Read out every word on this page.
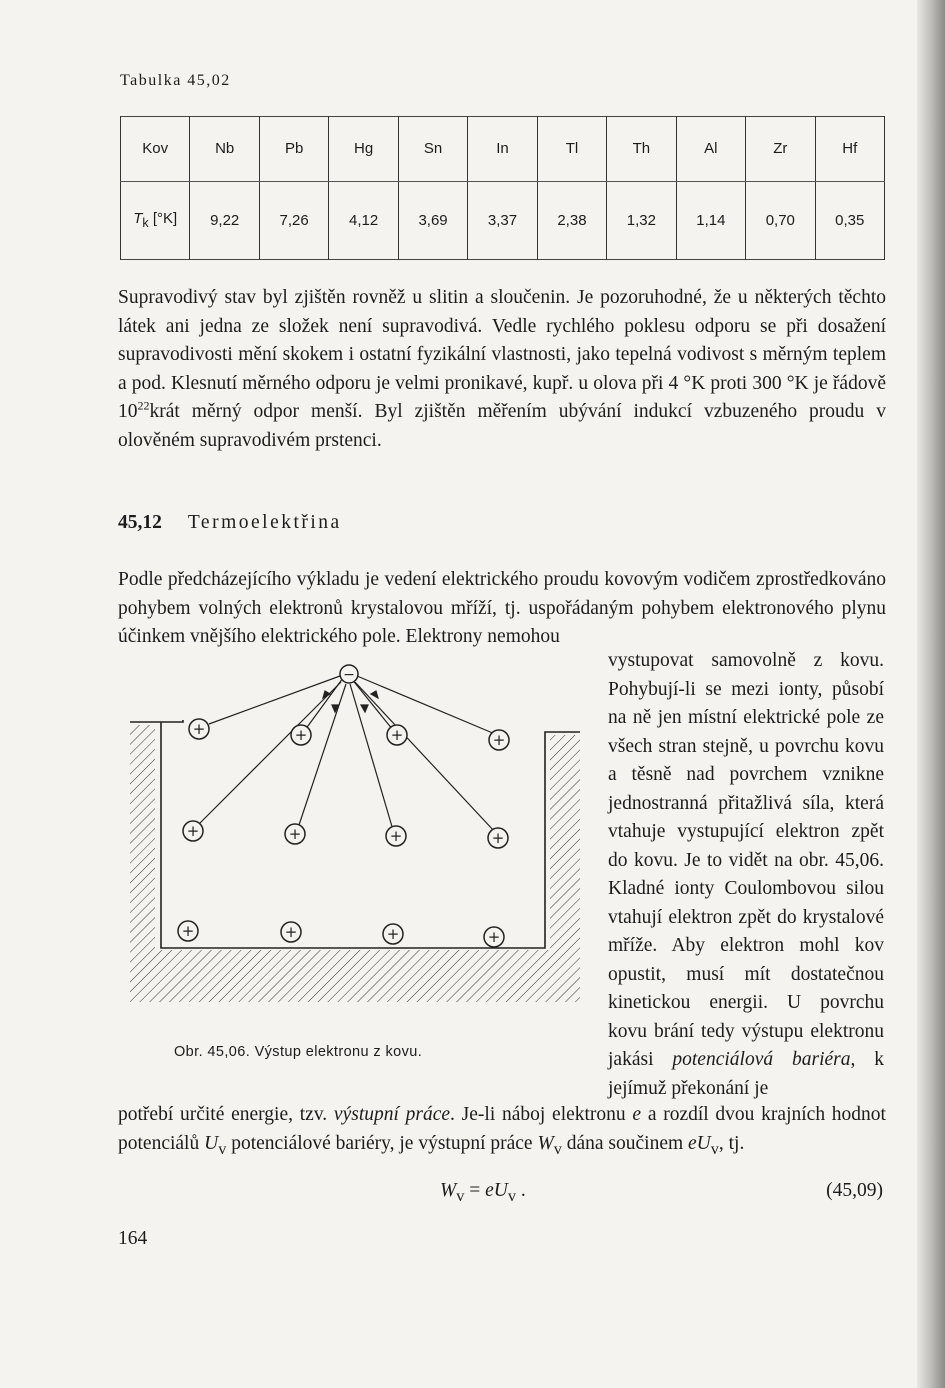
Tabulka 45,02
Kov	Nb	Pb	Hg	Sn	In	Tl	Th	Al	Zr	Hf
$T_k$ [°K]	9,22	7,26	4,12	3,69	3,37	2,38	1,32	1,14	0,70	0,35
Supravodivý stav byl zjištěn rovněž u slitin a sloučenin. Je pozoruhodné, že u některých těchto látek ani jedna ze složek není supravodivá. Vedle rychlého poklesu odporu se při dosažení supravodivosti mění skokem i ostatní fyzikální vlastnosti, jako tepelná vodivost s měrným teplem a pod. Klesnutí měrného odporu je velmi pronikavé, kupř. u olova při 4 °K proti 300 °K je řádově $10^{22}krát$ měrný odpor menší. Byl zjištěn měřením ubývání indukcí vzbuzeného proudu v olověném supravodivém prstenci.
45,12 Termoelektřina
Podle předcházejícího výkladu je vedení elektrického proudu kovovým vodičem zprostředkováno pohybem volných elektronů krystalovou mříží, tj. uspořádaným pohybem elektronového plynu účinkem vnějšího elektrického pole. Elektrony nemohou
vystupovat samovolně z kovu. Pohybují-li se mezi ionty, působí na ně jen místní elektrické pole ze všech stran stejně, u povrchu kovu a těsně nad povrchem vznikne jednostranná přitažlivá síla, která vtahuje vystupující elektron zpět do kovu. Je to vidět na obr. 45,06. Kladné ionty Coulombovou silou vtahují elektron zpět do krystalové mříže. Aby elektron mohl kov opustit, musí mít dostatečnou kinetickou energii. U povrchu kovu brání tedy výstupu elektronu jakási potenciálová bariéra, k jejímuž překonání je
−
+	+	+	+
+	+	+	+
+	+	+	+
Obr. 45,06. Výstup elektronu z kovu.
potřebí určité energie, tzv. výstupní práce. Je-li náboj elektronu e a rozdíl dvou krajních hodnot potenciálů $U_v$ potenciálové bariéry, je výstupní práce $W_v$ dána součinem $eU_v$, tj.
$W_v = eU_v$ .	(45,09)
164
